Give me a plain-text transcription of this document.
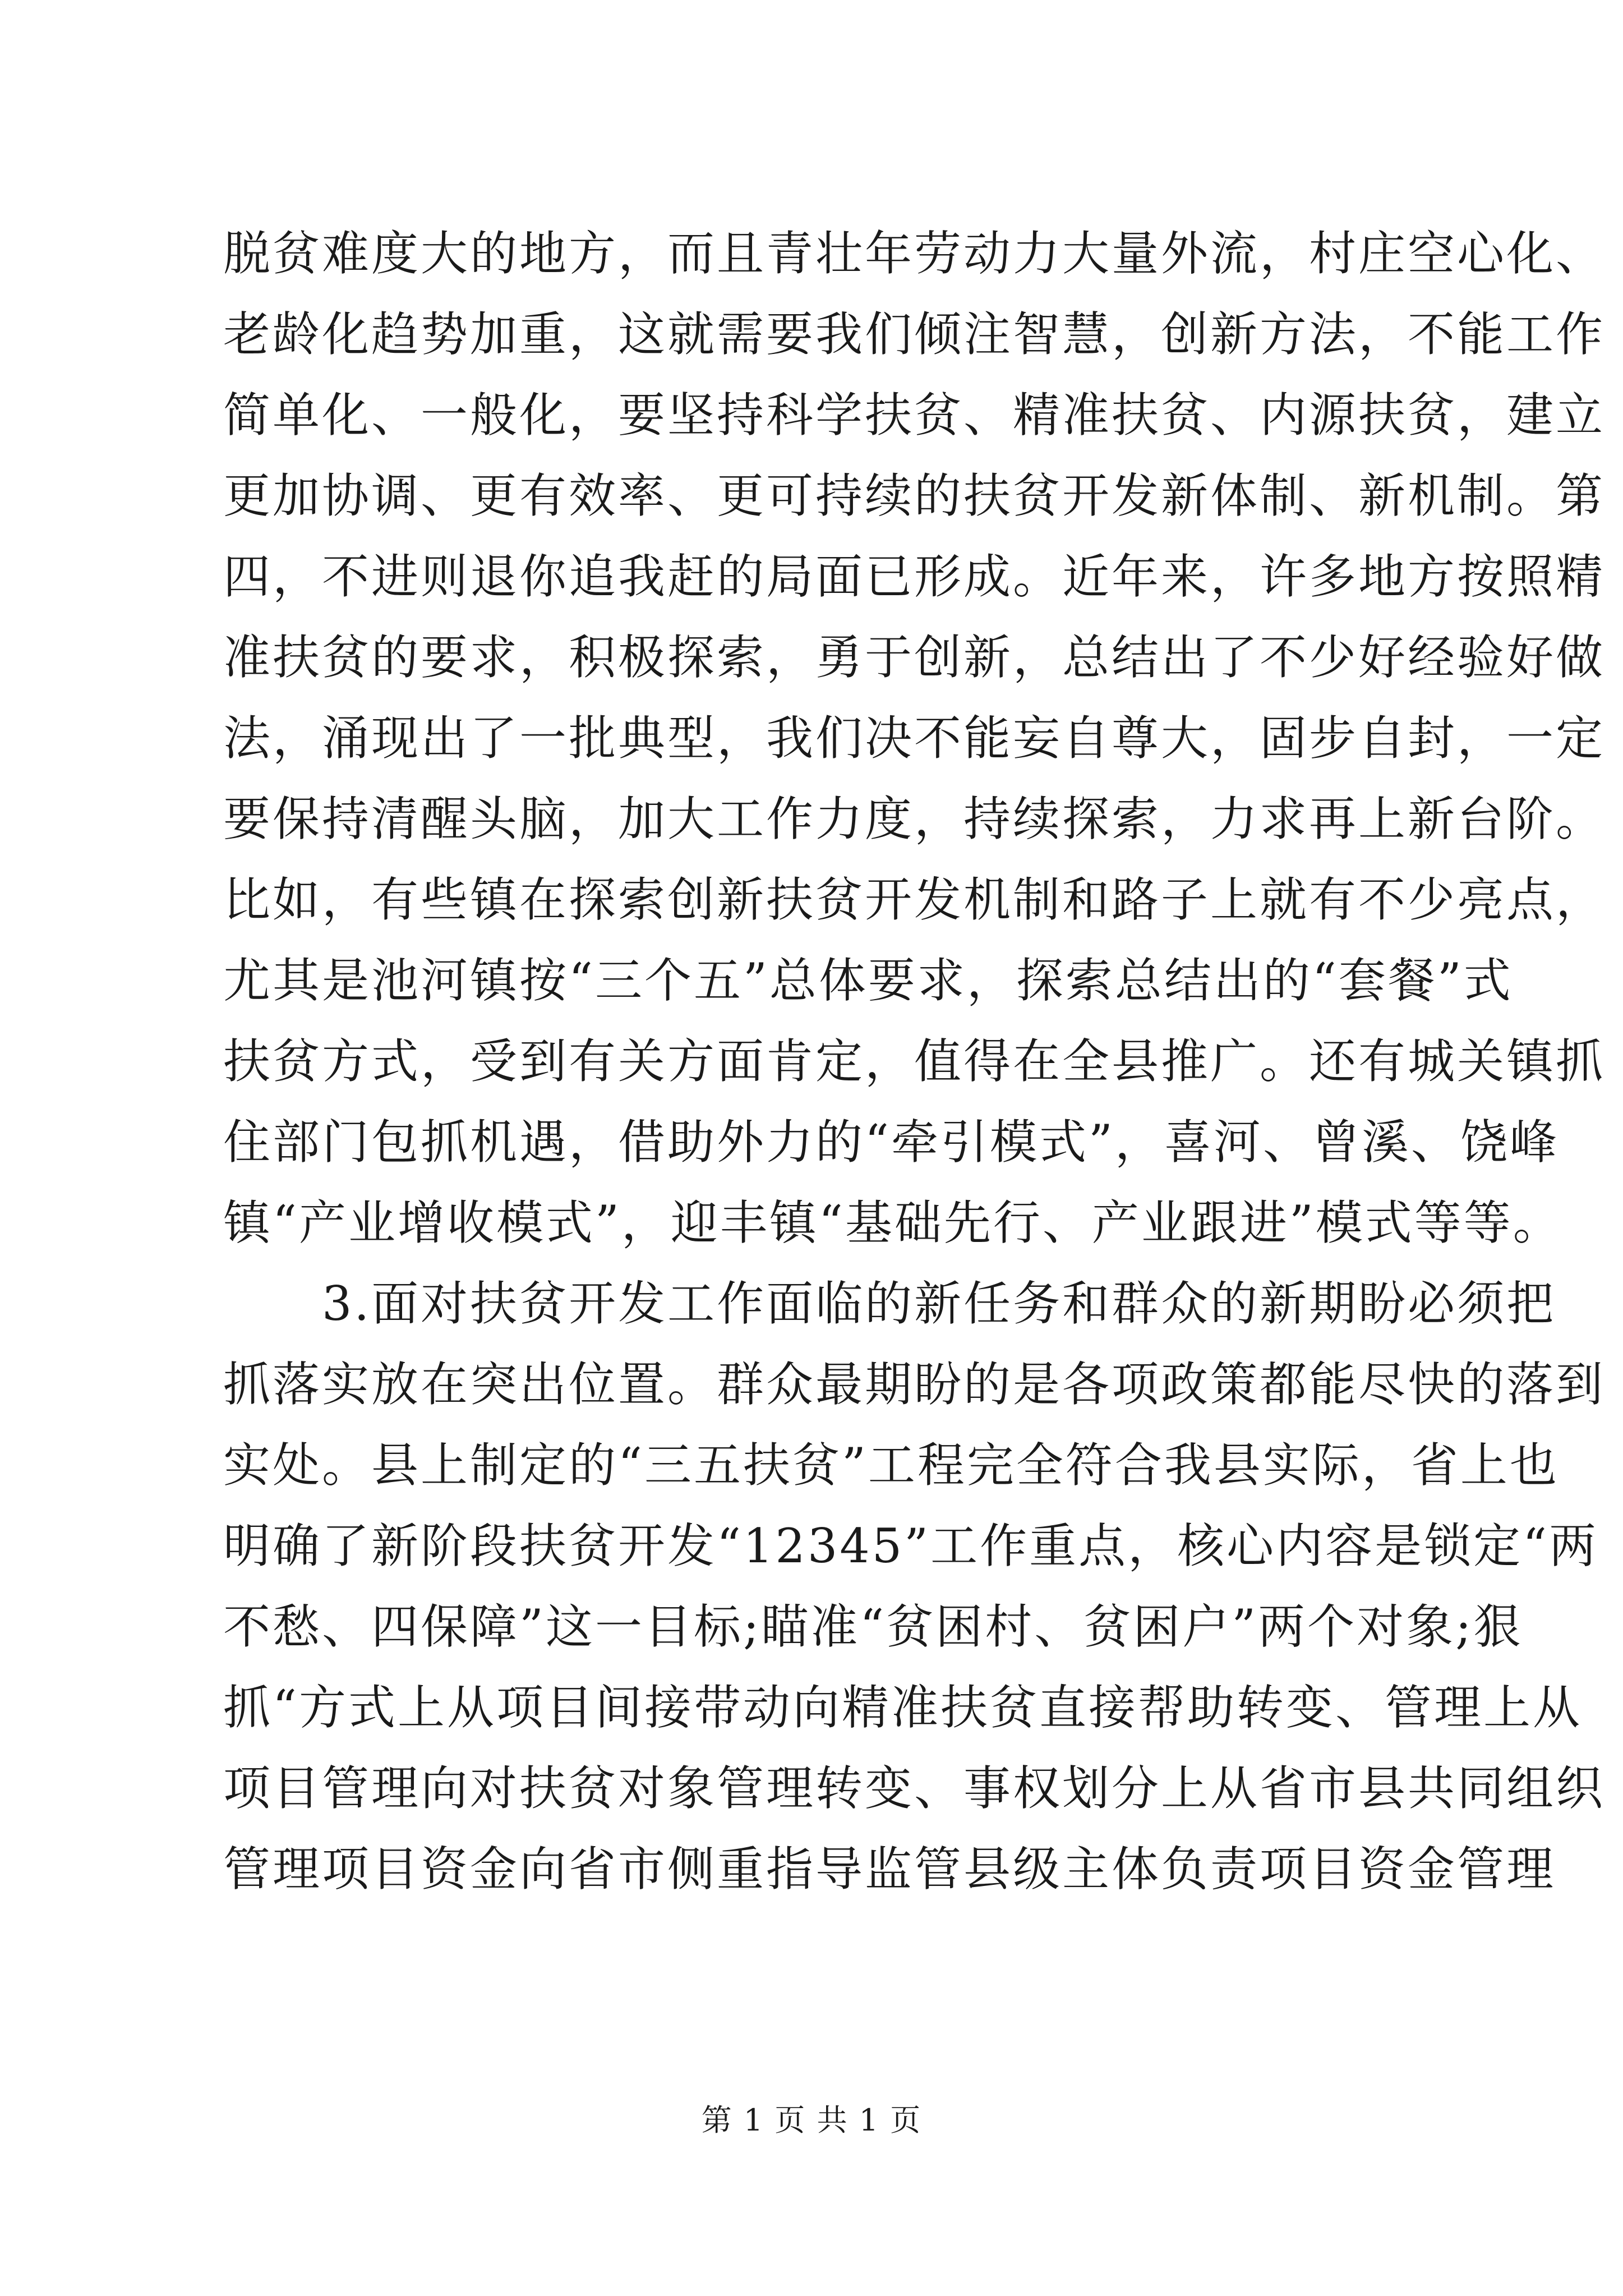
脱贫难度大的地方，而且青壮年劳动力大量外流，村庄空心化、
老龄化趋势加重，这就需要我们倾注智慧，创新方法，不能工作
简单化、一般化，要坚持科学扶贫、精准扶贫、内源扶贫，建立
更加协调、更有效率、更可持续的扶贫开发新体制、新机制。第
四，不进则退你追我赶的局面已形成。近年来，许多地方按照精
准扶贫的要求，积极探索，勇于创新，总结出了不少好经验好做
法，涌现出了一批典型，我们决不能妄自尊大，固步自封，一定
要保持清醒头脑，加大工作力度，持续探索，力求再上新台阶。
比如，有些镇在探索创新扶贫开发机制和路子上就有不少亮点，
尤其是池河镇按“三个五”总体要求，探索总结出的“套餐”式
扶贫方式，受到有关方面肯定，值得在全县推广。还有城关镇抓
住部门包抓机遇，借助外力的“牵引模式”，喜河、曾溪、饶峰
镇“产业增收模式”，迎丰镇“基础先行、产业跟进”模式等等。
3.面对扶贫开发工作面临的新任务和群众的新期盼必须把
抓落实放在突出位置。群众最期盼的是各项政策都能尽快的落到
实处。县上制定的“三五扶贫”工程完全符合我县实际，省上也
明确了新阶段扶贫开发“12345”工作重点，核心内容是锁定“两
不愁、四保障”这一目标;瞄准“贫困村、贫困户”两个对象;狠
抓“方式上从项目间接带动向精准扶贫直接帮助转变、管理上从
项目管理向对扶贫对象管理转变、事权划分上从省市县共同组织
管理项目资金向省市侧重指导监管县级主体负责项目资金管理
第 1 页 共 1 页
